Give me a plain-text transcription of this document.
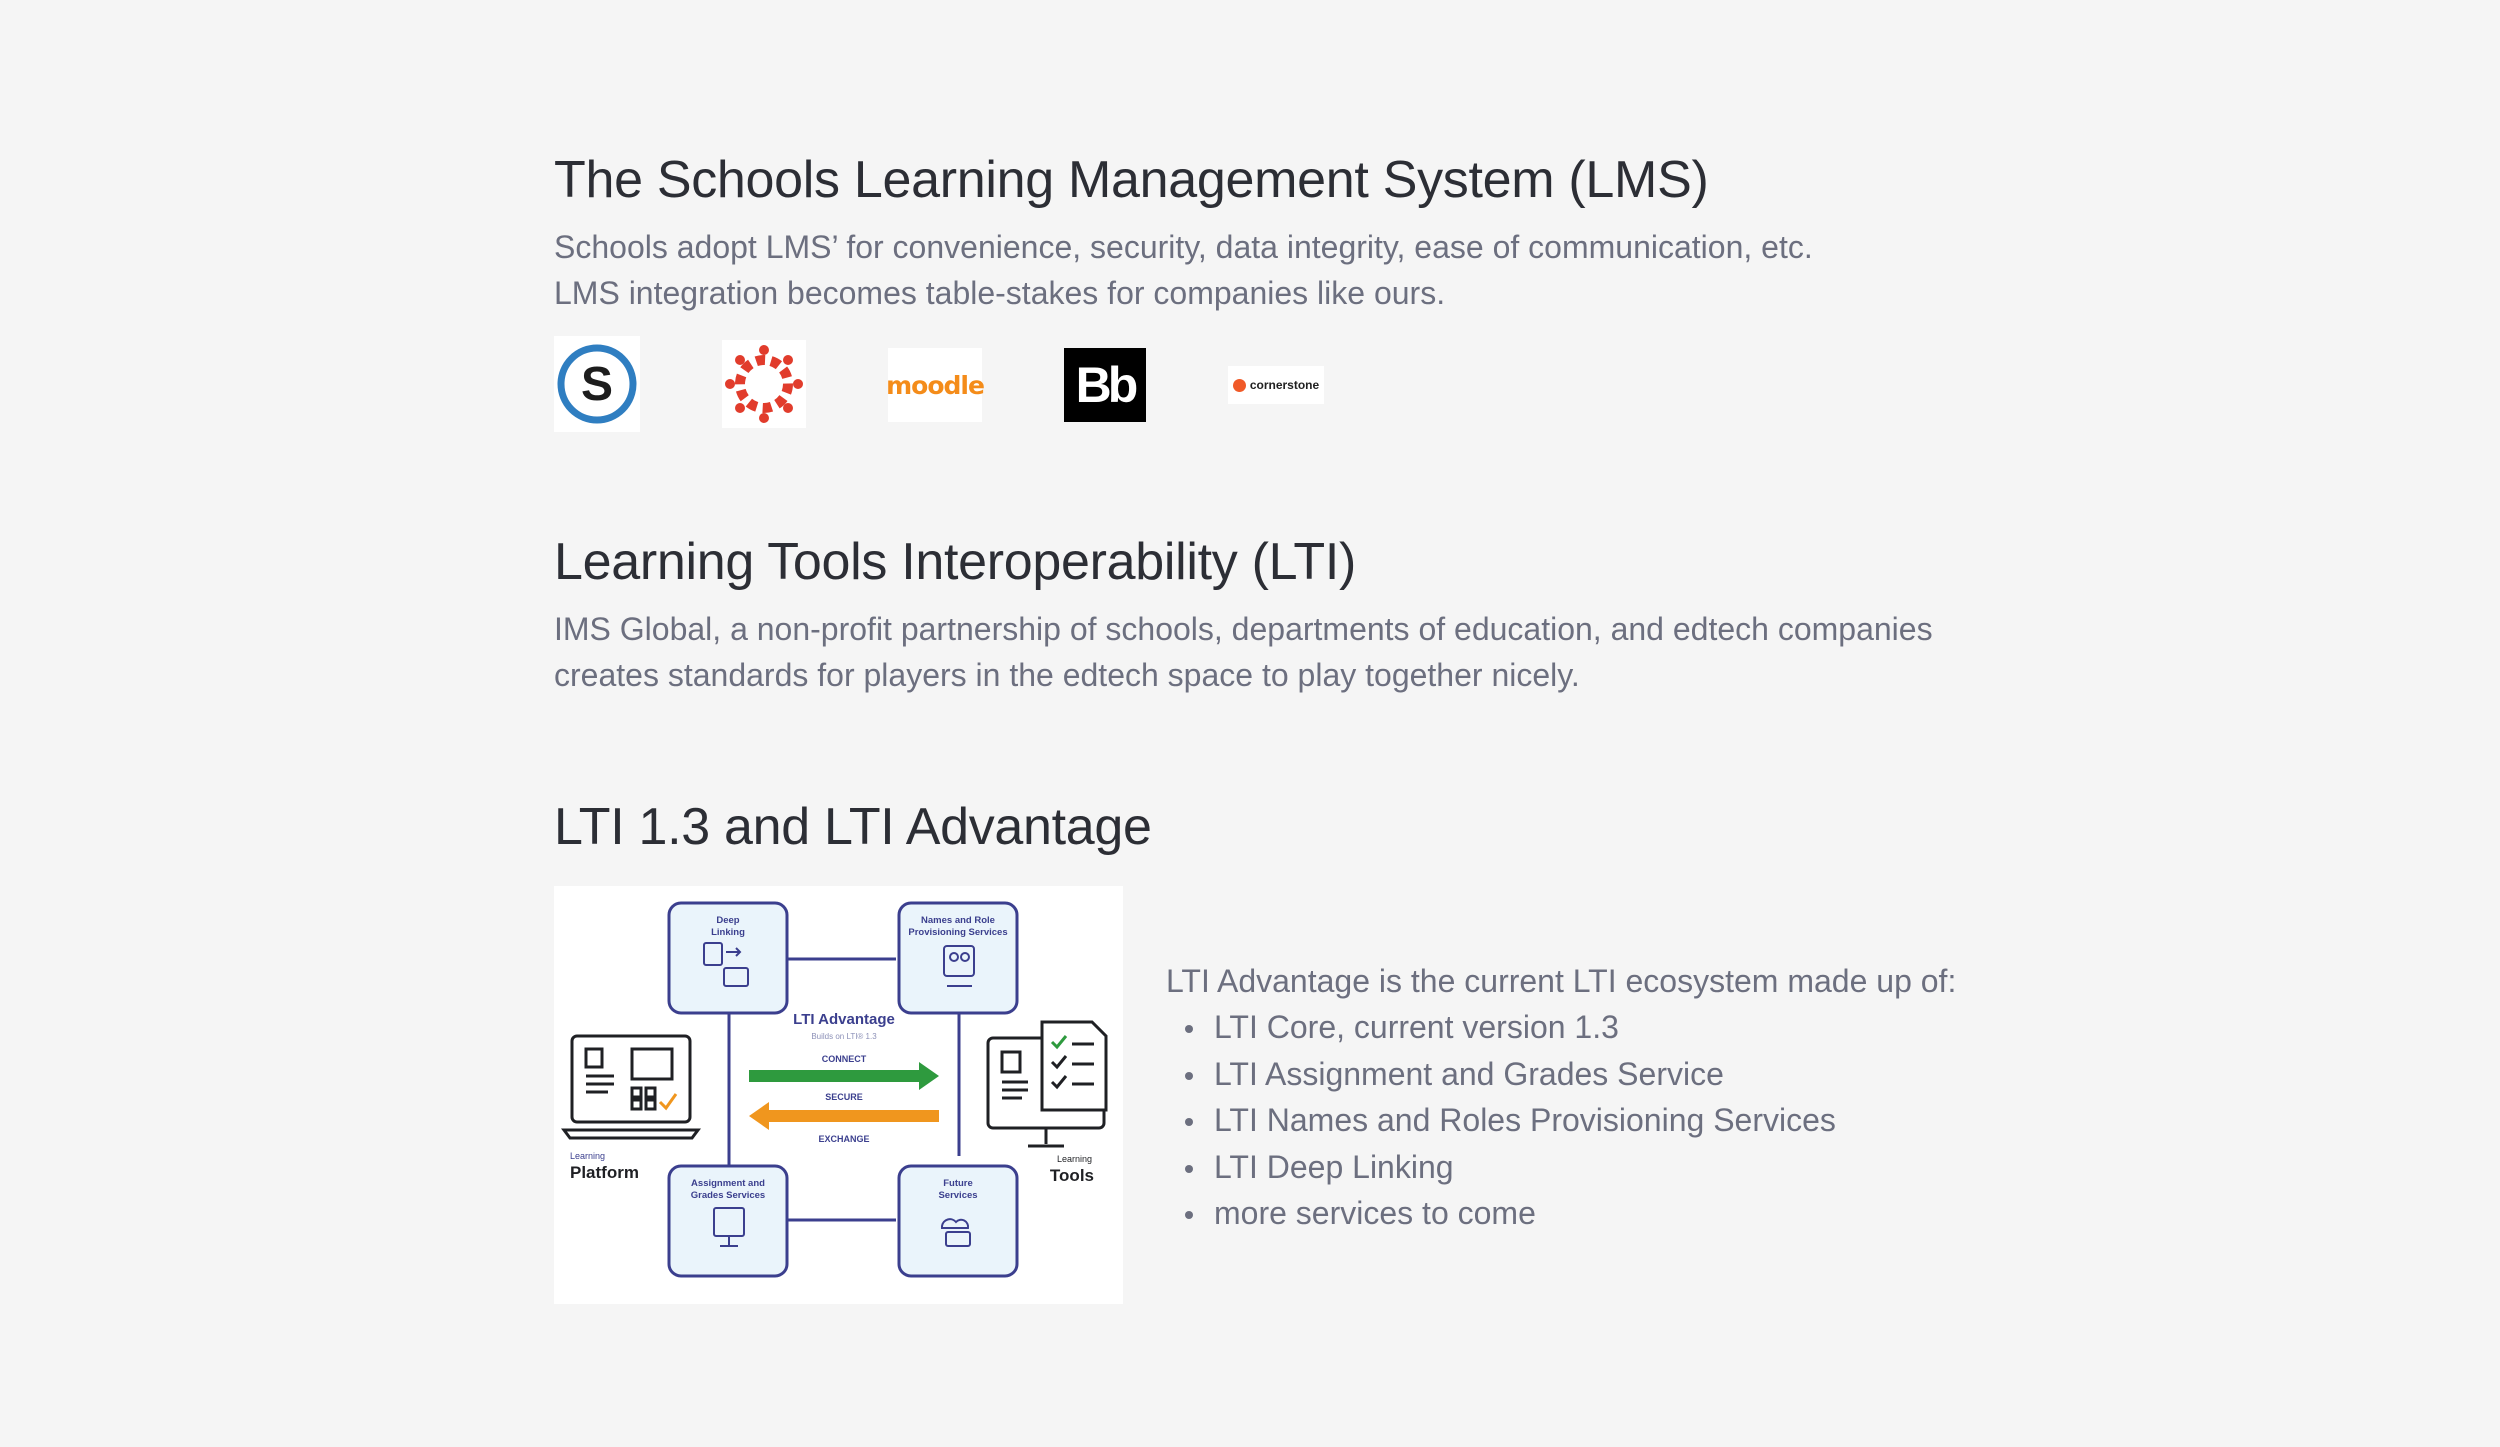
The Schools Learning Management System (LMS)

Schools adopt LMS’ for convenience, security, data integrity, ease of communication, etc.

LMS integration becomes table-stakes for companies like ours.

S	moodle Bb	cornerstone
Learning Tools Interoperability (LTI)

IMS Global, a non-profit partnership of schools, departments of education, and edtech companies

creates standards for players in the edtech space to play together nicely.

LTI 1.3 and LTI Advantage
Deep
Linking
Names and Role
Provisioning Services
Assignment and
Grades Services
Future
Services
LTI Advantage
Builds on LTI® 1.3
CONNECT
SECURE
EXCHANGE
Learning
Platform
Learning
Tools

LTI Advantage is the current LTI ecosystem made up of:

LTI Core, current version 1.3
LTI Assignment and Grades Service
LTI Names and Roles Provisioning Services
LTI Deep Linking
more services to come
